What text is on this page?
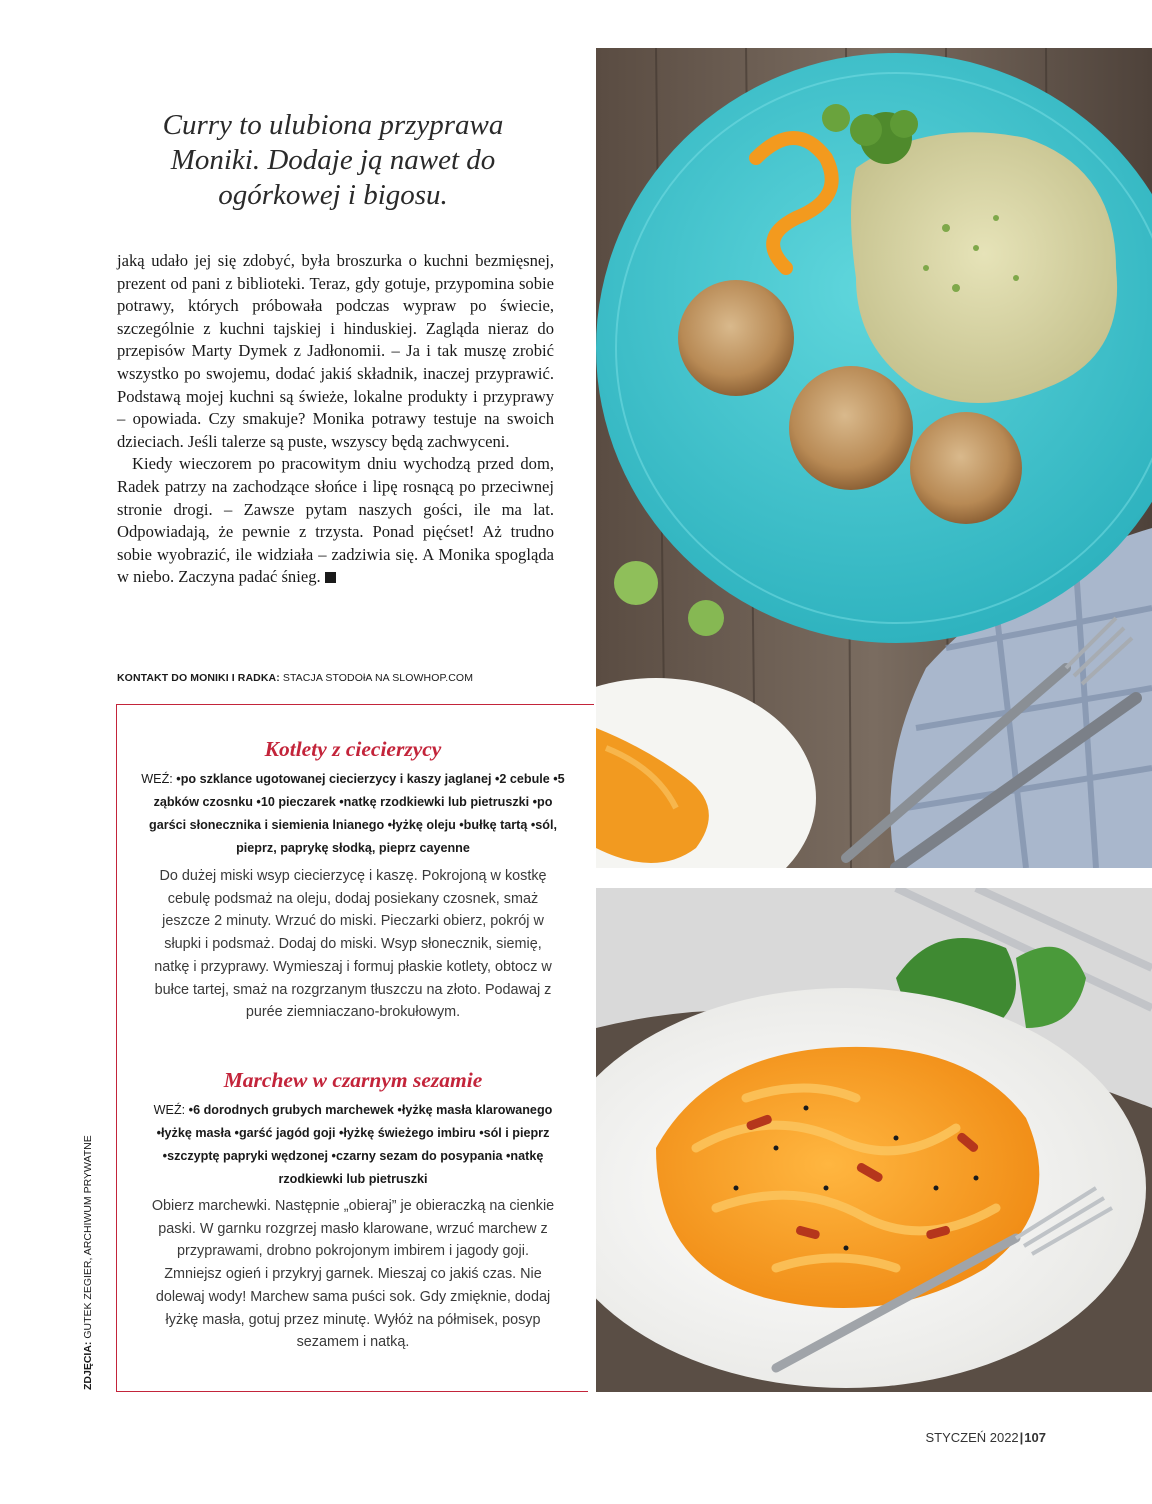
Curry to ulubiona przyprawa Moniki. Dodaje ją nawet do ogórkowej i bigosu.

jaką udało jej się zdobyć, była broszurka o kuchni bezmięsnej, prezent od pani z biblioteki. Teraz, gdy gotuje, przypomina sobie potrawy, których próbowała podczas wypraw po świecie, szczególnie z kuchni tajskiej i hinduskiej. Zagląda nieraz do przepisów Marty Dymek z Jadłonomii. – Ja i tak muszę zrobić wszystko po swojemu, dodać jakiś składnik, inaczej przyprawić. Podstawą mojej kuchni są świeże, lokalne produkty i przyprawy – opowiada. Czy smakuje? Monika potrawy testuje na swoich dzieciach. Jeśli talerze są puste, wszyscy będą zachwyceni.

Kiedy wieczorem po pracowitym dniu wychodzą przed dom, Radek patrzy na zachodzące słońce i lipę rosnącą po przeciwnej stronie drogi. – Zawsze pytam naszych gości, ile ma lat. Odpowiadają, że pewnie z trzysta. Ponad pięćset! Aż trudno sobie wyobrazić, ile widziała – zadziwia się. A Monika spogląda w niebo. Zaczyna padać śnieg.

KONTAKT DO MONIKI I RADKA: STACJA STODOłA NA SLOWHOP.COM

Kotlety z ciecierzycy

WEŹ: •po szklance ugotowanej ciecierzycy i kaszy jaglanej •2 cebule •5 ząbków czosnku •10 pieczarek •natkę rzodkiewki lub pietruszki •po garści słonecznika i siemienia lnianego •łyżkę oleju •bułkę tartą •sól, pieprz, paprykę słodką, pieprz cayenne

Do dużej miski wsyp ciecierzycę i kaszę. Pokrojoną w kostkę cebulę podsmaż na oleju, dodaj posiekany czosnek, smaż jeszcze 2 minuty. Wrzuć do miski. Pieczarki obierz, pokrój w słupki i podsmaż. Dodaj do miski. Wsyp słonecznik, siemię, natkę i przyprawy. Wymieszaj i formuj płaskie kotlety, obtocz w bułce tartej, smaż na rozgrzanym tłuszczu na złoto. Podawaj z purée ziemniaczano-brokułowym.

Marchew w czarnym sezamie

WEŹ: •6 dorodnych grubych marchewek •łyżkę masła klarowanego •łyżkę masła •garść jagód goji •łyżkę świeżego imbiru •sól i pieprz •szczyptę papryki wędzonej •czarny sezam do posypania •natkę rzodkiewki lub pietruszki

Obierz marchewki. Następnie „obieraj” je obieraczką na cienkie paski. W garnku rozgrzej masło klarowane, wrzuć marchew z przyprawami, drobno pokrojonym imbirem i jagody goji. Zmniejsz ogień i przykryj garnek. Mieszaj co jakiś czas. Nie dolewaj wody! Marchew sama puści sok. Gdy zmięknie, dodaj łyżkę masła, gotuj przez minutę. Wyłóż na półmisek, posyp sezamem i natką.

ZDJĘCIA: GUTEK ZEGIER, ARCHIWUM PRYWATNE

STYCZEŃ 2022|107
